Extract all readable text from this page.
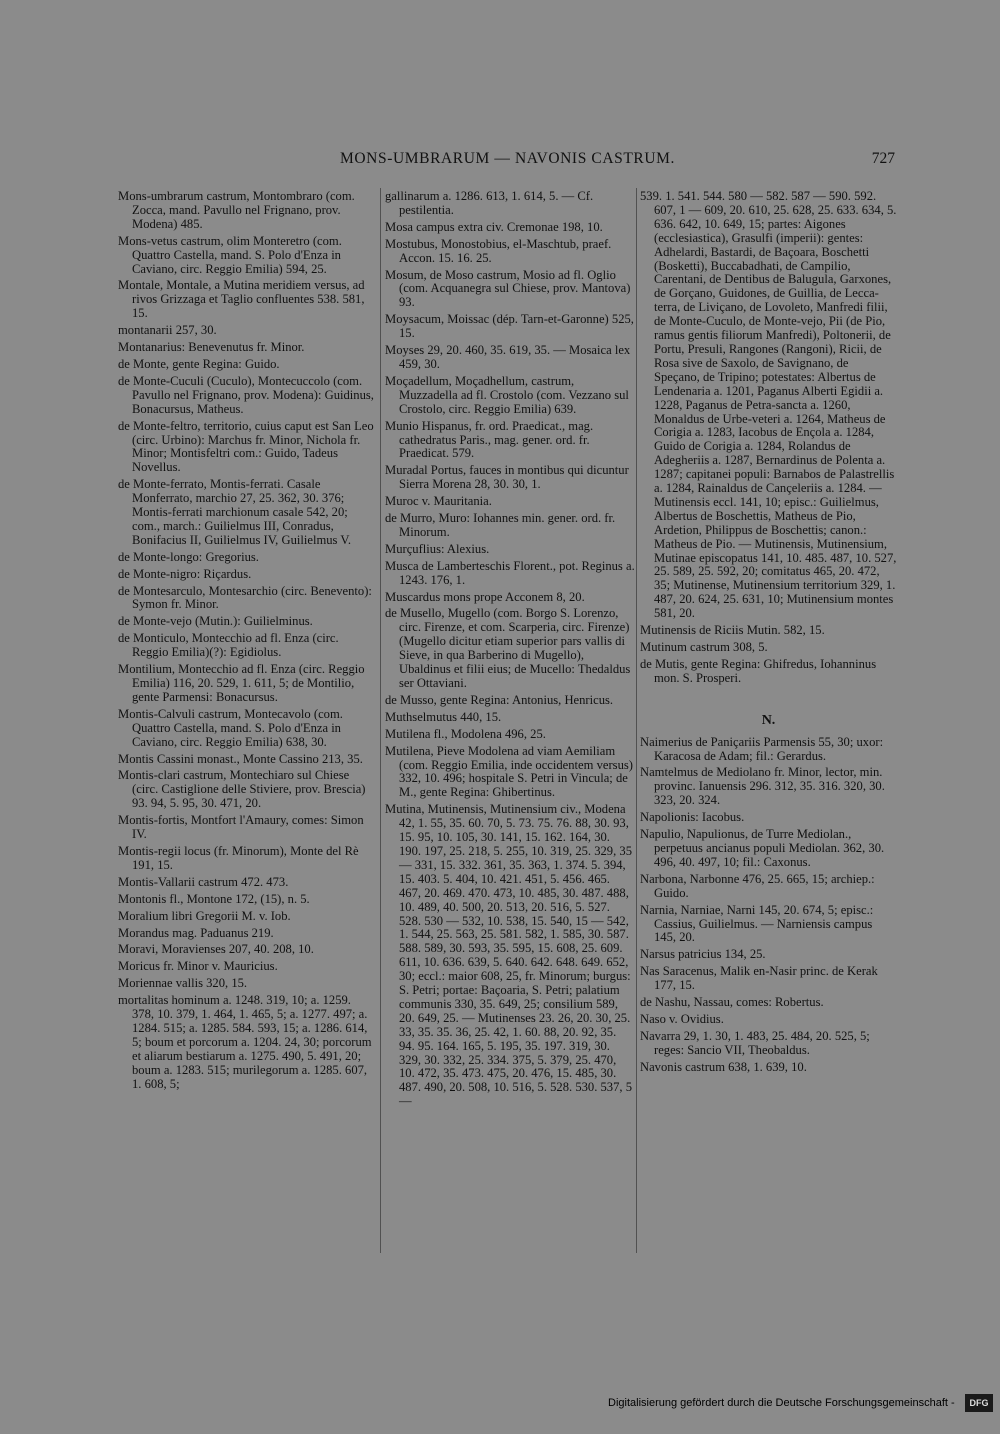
MONS-UMBRARUM — NAVONIS CASTRUM.	727

Mons-umbrarum castrum, Montombraro (com. Zocca, mand. Pavullo nel Frignano, prov. Modena) 485.

Mons-vetus castrum, olim Monteretro (com. Quattro Castella, mand. S. Polo d'Enza in Caviano, circ. Reggio Emilia) 594, 25.

Montale, Montale, a Mutina meridiem versus, ad rivos Grizzaga et Taglio confluentes 538. 581, 15.

montanarii 257, 30.

Montanarius: Benevenutus fr. Minor.

de Monte, gente Regina: Guido.

de Monte-Cuculi (Cuculo), Montecuccolo (com. Pavullo nel Frignano, prov. Modena): Guidinus, Bonacursus, Matheus.

de Monte-feltro, territorio, cuius caput est San Leo (circ. Urbino): Marchus fr. Minor, Nichola fr. Minor; Montisfeltri com.: Guido, Tadeus Novellus.

de Monte-ferrato, Montis-ferrati. Casale Monferrato, marchio 27, 25. 362, 30. 376; Montis-ferrati marchionum casale 542, 20; com., march.: Guilielmus III, Conradus, Bonifacius II, Guilielmus IV, Guilielmus V.

de Monte-longo: Gregorius.

de Monte-nigro: Riçardus.

de Montesarculo, Montesarchio (circ. Benevento): Symon fr. Minor.

de Monte-vejo (Mutin.): Guilielminus.

de Monticulo, Montecchio ad fl. Enza (circ. Reggio Emilia)(?): Egidiolus.

Montilium, Montecchio ad fl. Enza (circ. Reggio Emilia) 116, 20. 529, 1. 611, 5; de Montilio, gente Parmensi: Bonacursus.

Montis-Calvuli castrum, Montecavolo (com. Quattro Castella, mand. S. Polo d'Enza in Caviano, circ. Reggio Emilia) 638, 30.

Montis Cassini monast., Monte Cassino 213, 35.

Montis-clari castrum, Montechiaro sul Chiese (circ. Castiglione delle Stiviere, prov. Brescia) 93. 94, 5. 95, 30. 471, 20.

Montis-fortis, Montfort l'Amaury, comes: Simon IV.

Montis-regii locus (fr. Minorum), Monte del Rè 191, 15.

Montis-Vallarii castrum 472. 473.

Montonis fl., Montone 172, (15), n. 5.

Moralium libri Gregorii M. v. Iob.

Morandus mag. Paduanus 219.

Moravi, Moravienses 207, 40. 208, 10.

Moricus fr. Minor v. Mauricius.

Moriennae vallis 320, 15.

mortalitas hominum a. 1248. 319, 10; a. 1259. 378, 10. 379, 1. 464, 1. 465, 5; a. 1277. 497; a. 1284. 515; a. 1285. 584. 593, 15; a. 1286. 614, 5; boum et porcorum a. 1204. 24, 30; porcorum et aliarum bestiarum a. 1275. 490, 5. 491, 20; boum a. 1283. 515; murilegorum a. 1285. 607, 1. 608, 5;

gallinarum a. 1286. 613, 1. 614, 5. — Cf. pestilentia.

Mosa campus extra civ. Cremonae 198, 10.

Mostubus, Monostobius, el-Maschtub, praef. Accon. 15. 16. 25.

Mosum, de Moso castrum, Mosio ad fl. Oglio (com. Acquanegra sul Chiese, prov. Mantova) 93.

Moysacum, Moissac (dép. Tarn-et-Garonne) 525, 15.

Moyses 29, 20. 460, 35. 619, 35. — Mosaica lex 459, 30.

Moçadellum, Moçadhellum, castrum, Muzzadella ad fl. Crostolo (com. Vezzano sul Crostolo, circ. Reggio Emilia) 639.

Munio Hispanus, fr. ord. Praedicat., mag. cathedratus Paris., mag. gener. ord. fr. Praedicat. 579.

Muradal Portus, fauces in montibus qui dicuntur Sierra Morena 28, 30. 30, 1.

Muroc v. Mauritania.

de Murro, Muro: Iohannes min. gener. ord. fr. Minorum.

Murçuflius: Alexius.

Musca de Lamberteschis Florent., pot. Reginus a. 1243. 176, 1.

Muscardus mons prope Acconem 8, 20.

de Musello, Mugello (com. Borgo S. Lorenzo, circ. Firenze, et com. Scarperia, circ. Firenze) (Mugello dicitur etiam superior pars vallis di Sieve, in qua Barberino di Mugello), Ubaldinus et filii eius; de Mucello: Thedaldus ser Ottaviani.

de Musso, gente Regina: Antonius, Henricus.

Muthselmutus 440, 15.

Mutilena fl., Modolena 496, 25.

Mutilena, Pieve Modolena ad viam Aemiliam (com. Reggio Emilia, inde occidentem versus) 332, 10. 496; hospitale S. Petri in Vincula; de M., gente Regina: Ghibertinus.

Mutina, Mutinensis, Mutinensium civ., Modena 42, 1. 55, 35. 60. 70, 5. 73. 75. 76. 88, 30. 93, 15. 95, 10. 105, 30. 141, 15. 162. 164, 30. 190. 197, 25. 218, 5. 255, 10. 319, 25. 329, 35 — 331, 15. 332. 361, 35. 363, 1. 374. 5. 394, 15. 403. 5. 404, 10. 421. 451, 5. 456. 465. 467, 20. 469. 470. 473, 10. 485, 30. 487. 488, 10. 489, 40. 500, 20. 513, 20. 516, 5. 527. 528. 530 — 532, 10. 538, 15. 540, 15 — 542, 1. 544, 25. 563, 25. 581. 582, 1. 585, 30. 587. 588. 589, 30. 593, 35. 595, 15. 608, 25. 609. 611, 10. 636. 639, 5. 640. 642. 648. 649. 652, 30; eccl.: maior 608, 25, fr. Minorum; burgus: S. Petri; portae: Baçoaria, S. Petri; palatium communis 330, 35. 649, 25; consilium 589, 20. 649, 25. — Mutinenses 23. 26, 20. 30, 25. 33, 35. 35. 36, 25. 42, 1. 60. 88, 20. 92, 35. 94. 95. 164. 165, 5. 195, 35. 197. 319, 30. 329, 30. 332, 25. 334. 375, 5. 379, 25. 470, 10. 472, 35. 473. 475, 20. 476, 15. 485, 30. 487. 490, 20. 508, 10. 516, 5. 528. 530. 537, 5 —

539. 1. 541. 544. 580 — 582. 587 — 590. 592. 607, 1 — 609, 20. 610, 25. 628, 25. 633. 634, 5. 636. 642, 10. 649, 15; partes: Aigones (ecclesiastica), Grasulfi (imperii): gentes: Adhelardi, Bastardi, de Baçoara, Boschetti (Bosketti), Buccabadhati, de Campilio, Carentani, de Dentibus de Balugula, Garxones, de Gorçano, Guidones, de Guillia, de Lecca-terra, de Liviçano, de Lovoleto, Manfredi filii, de Monte-Cuculo, de Monte-vejo, Pii (de Pio, ramus gentis filiorum Manfredi), Poltonerii, de Portu, Presuli, Rangones (Rangoni), Ricii, de Rosa sive de Saxolo, de Savignano, de Speçano, de Tripino; potestates: Albertus de Lendenaria a. 1201, Paganus Alberti Egidii a. 1228, Paganus de Petra-sancta a. 1260, Monaldus de Urbe-veteri a. 1264, Matheus de Corigia a. 1283, Iacobus de Ençola a. 1284, Guido de Corigia a. 1284, Rolandus de Adegheriis a. 1287, Bernardinus de Polenta a. 1287; capitanei populi: Barnabos de Palastrellis a. 1284, Rainaldus de Cançeleriis a. 1284. — Mutinensis eccl. 141, 10; episc.: Guilielmus, Albertus de Boschettis, Matheus de Pio, Ardetion, Philippus de Boschettis; canon.: Matheus de Pio. — Mutinensis, Mutinensium, Mutinae episcopatus 141, 10. 485. 487, 10. 527, 25. 589, 25. 592, 20; comitatus 465, 20. 472, 35; Mutinense, Mutinensium territorium 329, 1. 487, 20. 624, 25. 631, 10; Mutinensium montes 581, 20.

Mutinensis de Riciis Mutin. 582, 15.

Mutinum castrum 308, 5.

de Mutis, gente Regina: Ghifredus, Iohanninus mon. S. Prosperi.

N.

Naimerius de Paniçariis Parmensis 55, 30; uxor: Karacosa de Adam; fil.: Gerardus.

Namtelmus de Mediolano fr. Minor, lector, min. provinc. Ianuensis 296. 312, 35. 316. 320, 30. 323, 20. 324.

Napolionis: Iacobus.

Napulio, Napulionus, de Turre Mediolan., perpetuus ancianus populi Mediolan. 362, 30. 496, 40. 497, 10; fil.: Caxonus.

Narbona, Narbonne 476, 25. 665, 15; archiep.: Guido.

Narnia, Narniae, Narni 145, 20. 674, 5; episc.: Cassius, Guilielmus. — Narniensis campus 145, 20.

Narsus patricius 134, 25.

Nas Saracenus, Malik en-Nasir princ. de Kerak 177, 15.

de Nashu, Nassau, comes: Robertus.

Naso v. Ovidius.

Navarra 29, 1. 30, 1. 483, 25. 484, 20. 525, 5; reges: Sancio VII, Theobaldus.

Navonis castrum 638, 1. 639, 10.

Digitalisierung gefördert durch die Deutsche Forschungsgemeinschaft -	DFG
